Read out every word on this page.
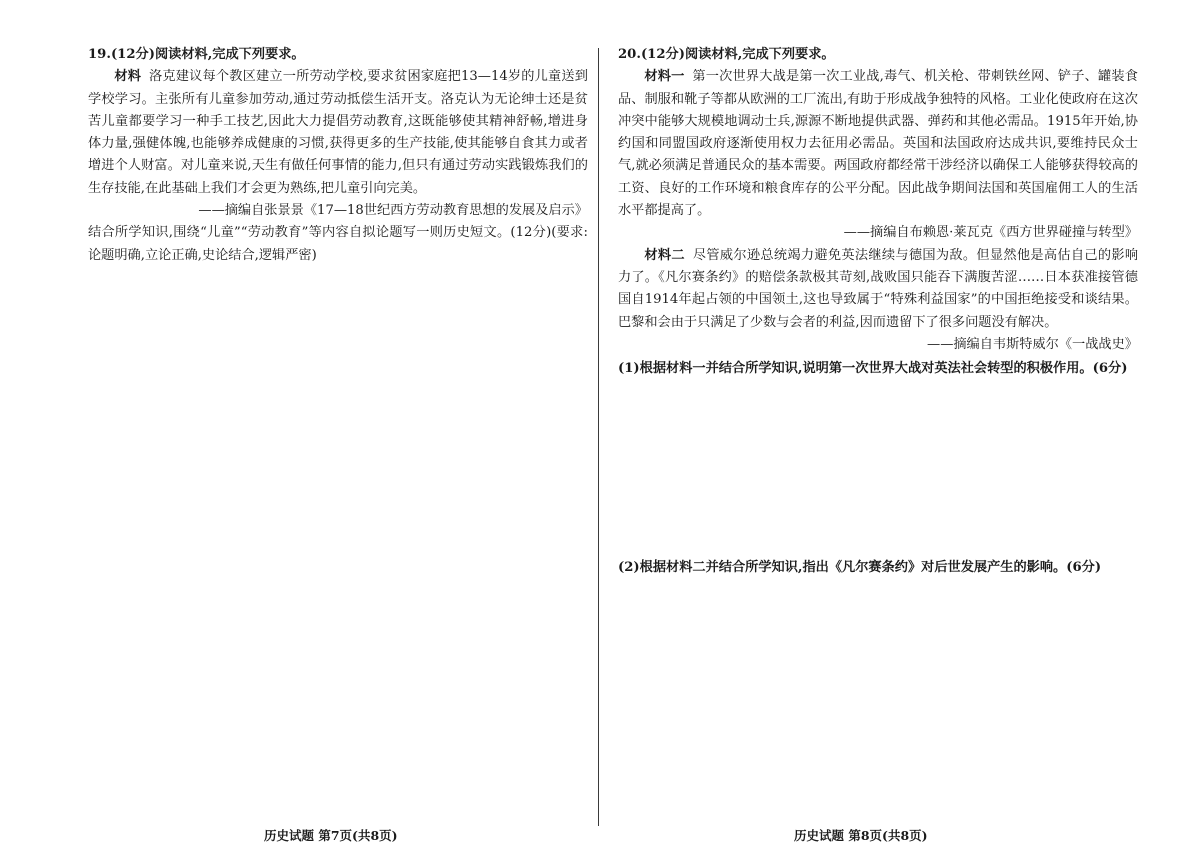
19.(12分)阅读材料,完成下列要求。

材料 洛克建议每个教区建立一所劳动学校,要求贫困家庭把13—14岁的儿童送到学校学习。主张所有儿童参加劳动,通过劳动抵偿生活开支。洛克认为无论绅士还是贫苦儿童都要学习一种手工技艺,因此大力提倡劳动教育,这既能够使其精神舒畅,增进身体力量,强健体魄,也能够养成健康的习惯,获得更多的生产技能,使其能够自食其力或者增进个人财富。对儿童来说,天生有做任何事情的能力,但只有通过劳动实践锻炼我们的生存技能,在此基础上我们才会更为熟练,把儿童引向完美。

——摘编自张景景《17—18世纪西方劳动教育思想的发展及启示》

结合所学知识,围绕“儿童”“劳动教育”等内容自拟论题写一则历史短文。(12分)(要求:论题明确,立论正确,史论结合,逻辑严密)

20.(12分)阅读材料,完成下列要求。

材料一 第一次世界大战是第一次工业战,毒气、机关枪、带刺铁丝网、铲子、罐装食品、制服和靴子等都从欧洲的工厂流出,有助于形成战争独特的风格。工业化使政府在这次冲突中能够大规模地调动士兵,源源不断地提供武器、弹药和其他必需品。1915年开始,协约国和同盟国政府逐渐使用权力去征用必需品。英国和法国政府达成共识,要维持民众士气,就必须满足普通民众的基本需要。两国政府都经常干涉经济以确保工人能够获得较高的工资、良好的工作环境和粮食库存的公平分配。因此战争期间法国和英国雇佣工人的生活水平都提高了。

——摘编自布赖恩·莱瓦克《西方世界碰撞与转型》

材料二 尽管威尔逊总统竭力避免英法继续与德国为敌。但显然他是高估自己的影响力了。《凡尔赛条约》的赔偿条款极其苛刻,战败国只能吞下满腹苦涩……日本获准接管德国自1914年起占领的中国领土,这也导致属于“特殊利益国家”的中国拒绝接受和谈结果。巴黎和会由于只满足了少数与会者的利益,因而遗留下了很多问题没有解决。

——摘编自韦斯特威尔《一战战史》

(1)根据材料一并结合所学知识,说明第一次世界大战对英法社会转型的积极作用。(6分)

(2)根据材料二并结合所学知识,指出《凡尔赛条约》对后世发展产生的影响。(6分)

历史试题 第7页(共8页)	历史试题 第8页(共8页)
